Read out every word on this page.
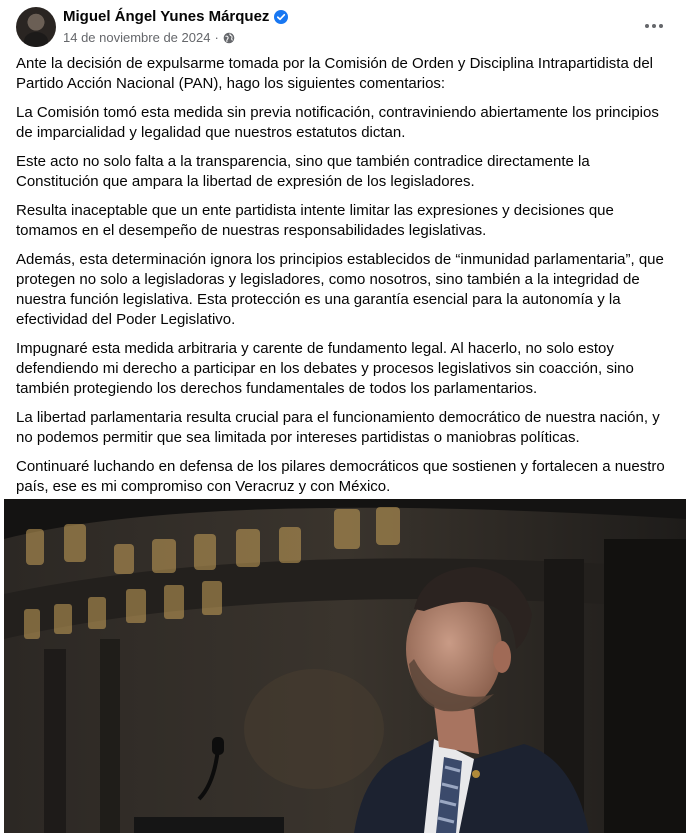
Miguel Ángel Yunes Márquez
14 de noviembre de 2024 ·

Ante la decisión de expulsarme tomada por la Comisión de Orden y Disciplina Intrapartidista del Partido Acción Nacional (PAN), hago los siguientes comentarios:

La Comisión tomó esta medida sin previa notificación, contraviniendo abiertamente los principios de imparcialidad y legalidad que nuestros estatutos dictan.

Este acto no solo falta a la transparencia, sino que también contradice directamente la Constitución que ampara la libertad de expresión de los legisladores.

Resulta inaceptable que un ente partidista intente limitar las expresiones y decisiones que tomamos en el desempeño de nuestras responsabilidades legislativas.

Además, esta determinación ignora los principios establecidos de “inmunidad parlamentaria”, que protegen no solo a legisladoras y legisladores, como nosotros, sino también a la integridad de nuestra función legislativa. Esta protección es una garantía esencial para la autonomía y la efectividad del Poder Legislativo.

Impugnaré esta medida arbitraria y carente de fundamento legal. Al hacerlo, no solo estoy defendiendo mi derecho a participar en los debates y procesos legislativos sin coacción, sino también protegiendo los derechos fundamentales de todos los parlamentarios.

La libertad parlamentaria resulta crucial para el funcionamiento democrático de nuestra nación, y no podemos permitir que sea limitada por intereses partidistas o maniobras políticas.

Continuaré luchando en defensa de los pilares democráticos que sostienen y fortalecen a nuestro país, ese es mi compromiso con Veracruz y con México.
